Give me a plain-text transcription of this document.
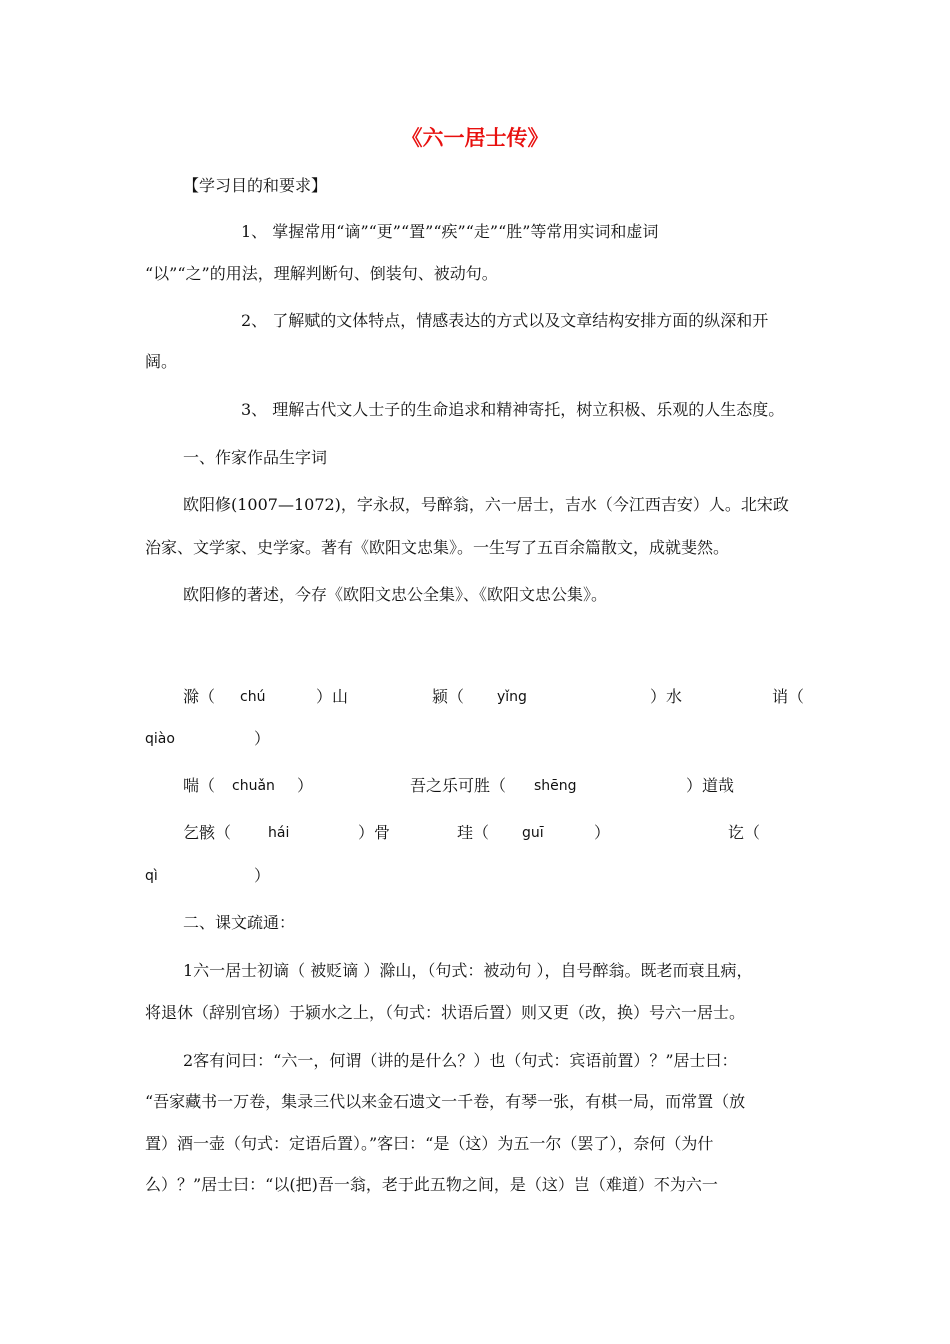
《六一居士传》
【学习目的和要求】
1、 掌握常用“谪”“更”“置”“疾”“走”“胜”等常用实词和虚词
“以”“之”的用法，理解判断句、倒装句、被动句。
2、 了解赋的文体特点，情感表达的方式以及文章结构安排方面的纵深和开
阔。
3、 理解古代文人士子的生命追求和精神寄托，树立积极、乐观的人生态度。
一、作家作品生字词
欧阳修(1007—1072)，字永叔，号醉翁，六一居士，吉水（今江西吉安）人。北宋政
治家、文学家、史学家。著有《欧阳文忠集》。一生写了五百余篇散文，成就斐然。
欧阳修的著述，今存《欧阳文忠公全集》、《欧阳文忠公集》。
滁（ chú	）山	颍（ yǐng	）水	诮（
qiào	）
喘（ chuǎn ）	吾之乐可胜（ shēng	）道哉
乞骸（	hái	）骨	珪（ guī	）	讫（
qì	）
二、课文疏通：
1六一居士初谪（ 被贬谪 ）滁山，（句式：被动句 ），自号醉翁。既老而衰且病，
将退休（辞别官场）于颍水之上，（句式：状语后置）则又更（改，换）号六一居士。
2客有问曰：“六一，何谓（讲的是什么？）也（句式：宾语前置）？”居士曰：
“吾家藏书一万卷，集录三代以来金石遗文一千卷，有琴一张，有棋一局，而常置（放
置）酒一壶（句式：定语后置）。”客曰：“是（这）为五一尔（罢了），奈何（为什
么）？”居士曰：“以(把)吾一翁，老于此五物之间，是（这）岂（难道）不为六一
